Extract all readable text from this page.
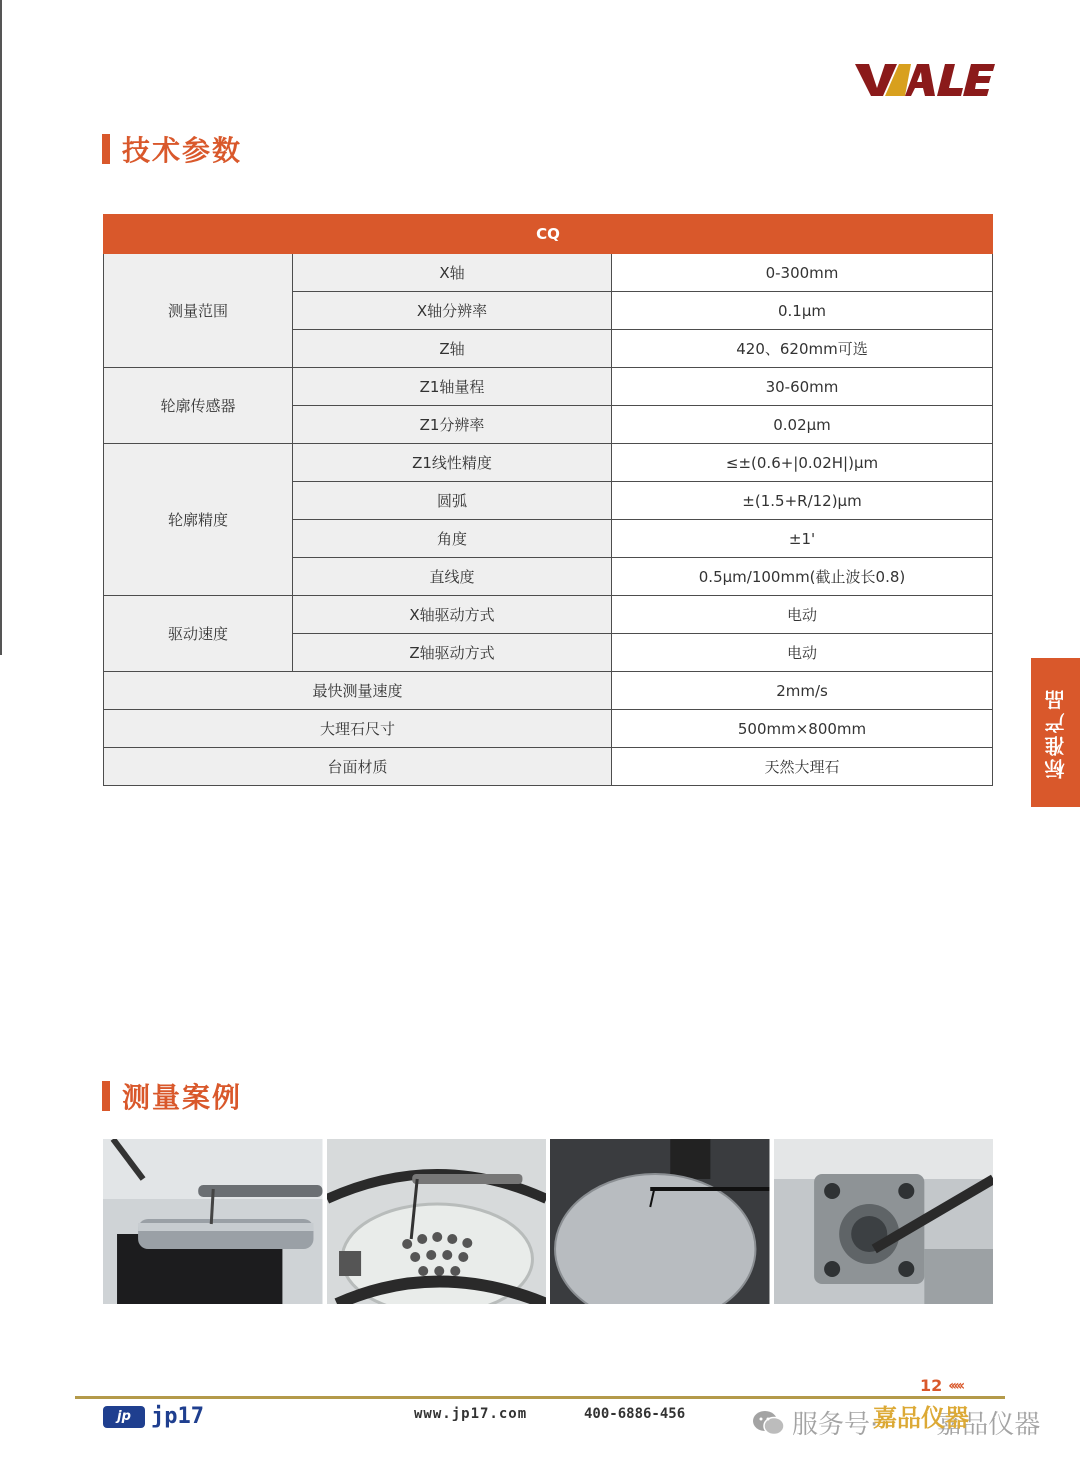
技术参数
CQ		
测量范围	X轴	0-300mm
	X轴分辨率	0.1μm
	Z轴	420、620mm可选
轮廓传感器	Z1轴量程	30-60mm
	Z1分辨率	0.02μm
轮廓精度	Z1线性精度	≤±(0.6+|0.02H|)μm
	圆弧	±(1.5+R/12)μm
	角度	±1'
	直线度	0.5μm/100mm(截止波长0.8)
驱动速度	X轴驱动方式	电动
	Z轴驱动方式	电动
最快测量速度		2mm/s
大理石尺寸		500mm×800mm
台面材质		天然大理石	标准产品
测量案例
12 ‹‹‹‹‹
jp jp17	www.jp17.com	400-6886-456	服务号·
嘉品仪器
嘉品仪器
